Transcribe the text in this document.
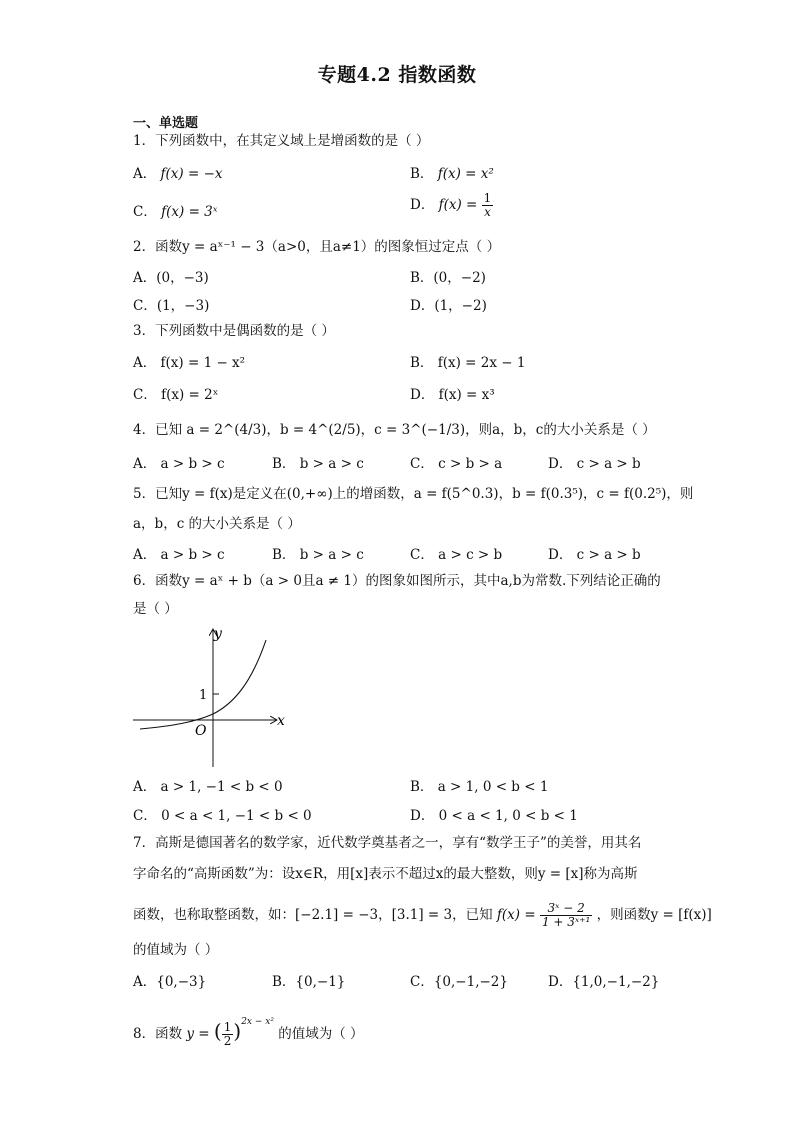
专题4.2 指数函数
一、单选题
1．下列函数中，在其定义域上是增函数的是（ ）
A． f(x) = −x	B． f(x) = x²
C． f(x) = 3ˣ	D． $f(x) = \frac{1}{x}$
2．函数y = aˣ⁻¹ − 3（a>0，且a≠1）的图象恒过定点（ ）
A．(0，−3)	B．(0，−2)
C．(1，−3)	D．(1，−2)
3．下列函数中是偶函数的是（ ）
A． f(x) = 1 − x²	B． f(x) = 2x − 1
C． f(x) = 2ˣ	D． f(x) = x³
4．已知 a = 2^(4/3)，b = 4^(2/5)，c = 3^(−1/3)，则a，b，c的大小关系是（ ）
A． a > b > c	B． b > a > c	C． c > b > a	D． c > a > b
5．已知y = f(x)是定义在(0,+∞)上的增函数，a = f(5^0.3)，b = f(0.3⁵)，c = f(0.2⁵)，则
a，b，c 的大小关系是（ ）
A． a > b > c	B． b > a > c	C． a > c > b	D． c > a > b
6．函数y = aˣ + b（a > 0且a ≠ 1）的图象如图所示，其中a,b为常数.下列结论正确的
是（ ）
y
x
O
1
A． a > 1, −1 < b < 0	B． a > 1, 0 < b < 1
C． 0 < a < 1, −1 < b < 0	D． 0 < a < 1, 0 < b < 1
7．高斯是德国著名的数学家，近代数学奠基者之一，享有“数学王子”的美誉，用其名
字命名的“高斯函数”为：设x∈R，用[x]表示不超过x的最大整数，则y = [x]称为高斯
函数，也称取整函数，如：[−2.1] = −3，[3.1] = 3，已知 $f(x) = \frac{\text{3ˣ − 2}}{\text{1 + 3ˣ⁺¹}}$ ，则函数y = [f(x)]
的值域为（ ）
A．{0,−3}	B．{0,−1}	C．{0,−1,−2}	D．{1,0,−1,−2}
8．函数 y = ( $\frac{1}{2} )^{2x - x^2}$ 的值域为（ ）
